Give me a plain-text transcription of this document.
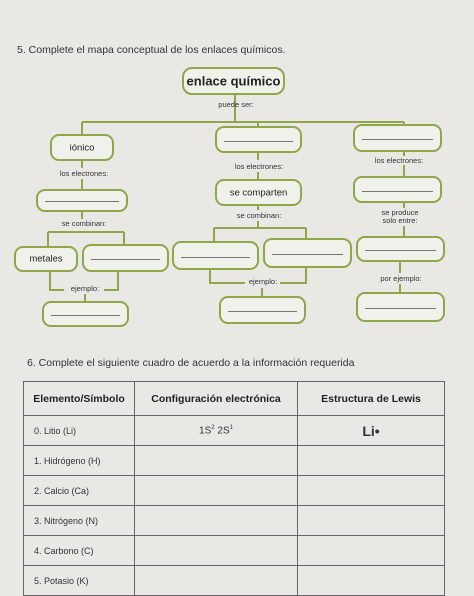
5. Complete el mapa conceptual de los enlaces químicos.
enlace químico
puede ser:
iónico
los electrones:
los electrones:
los electrones:
se comparten
se combinan:
se combinan:	se produce
solo entre:
metales
ejemplo:
ejemplo:	por ejemplo:
6. Complete el siguiente cuadro de acuerdo a la información requerida
Elemento/Símbolo	Configuración electrónica	Estructura de Lewis
0. Litio (Li)	$1S^2$ $2S^1$	Li•
1. Hidrógeno (H)		
2. Calcio (Ca)		
3. Nitrógeno (N)		
4. Carbono (C)		
5. Potasio (K)		
